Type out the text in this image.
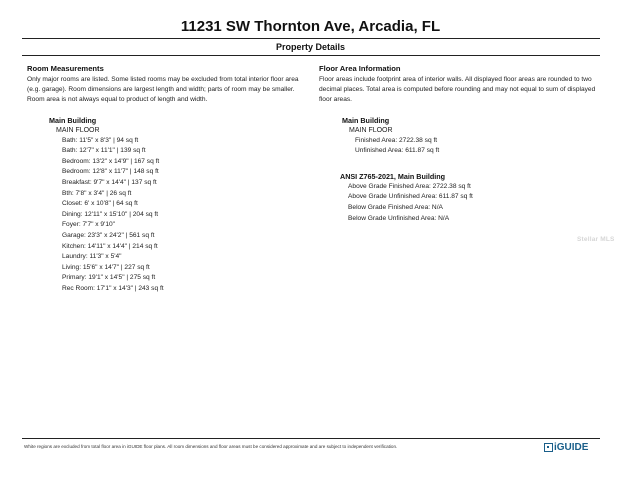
11231 SW Thornton Ave, Arcadia, FL
Property Details
Room Measurements
Only major rooms are listed. Some listed rooms may be excluded from total interior floor area (e.g. garage). Room dimensions are largest length and width; parts of room may be smaller. Room area is not always equal to product of length and width.
Main Building
MAIN FLOOR
Bath: 11'5" x 8'3" | 94 sq ft
Bath: 12'7" x 11'1" | 139 sq ft
Bedroom: 13'2" x 14'9" | 167 sq ft
Bedroom: 12'8" x 11'7" | 148 sq ft
Breakfast: 9'7" x 14'4" | 137 sq ft
Bth: 7'8" x 3'4" | 26 sq ft
Closet: 6' x 10'8" | 64 sq ft
Dining: 12'11" x 15'10" | 204 sq ft
Foyer: 7'7" x 9'10"
Garage: 23'3" x 24'2" | 561 sq ft
Kitchen: 14'11" x 14'4" | 214 sq ft
Laundry: 11'3" x 5'4"
Living: 15'6" x 14'7" | 227 sq ft
Primary: 19'1" x 14'5" | 275 sq ft
Rec Room: 17'1" x 14'3" | 243 sq ft
Floor Area Information
Floor areas include footprint area of interior walls. All displayed floor areas are rounded to two decimal places. Total area is computed before rounding and may not equal to sum of displayed floor areas.
Main Building
MAIN FLOOR
Finished Area: 2722.38 sq ft
Unfinished Area: 611.87 sq ft
ANSI Z765-2021, Main Building
Above Grade Finished Area: 2722.38 sq ft
Above Grade Unfinished Area: 611.87 sq ft
Below Grade Finished Area: N/A
Below Grade Unfinished Area: N/A
Stellar MLS
White regions are excluded from total floor area in iGUIDE floor plans. All room dimensions and floor areas must be considered approximate and are subject to independent verification.	iGUIDE
